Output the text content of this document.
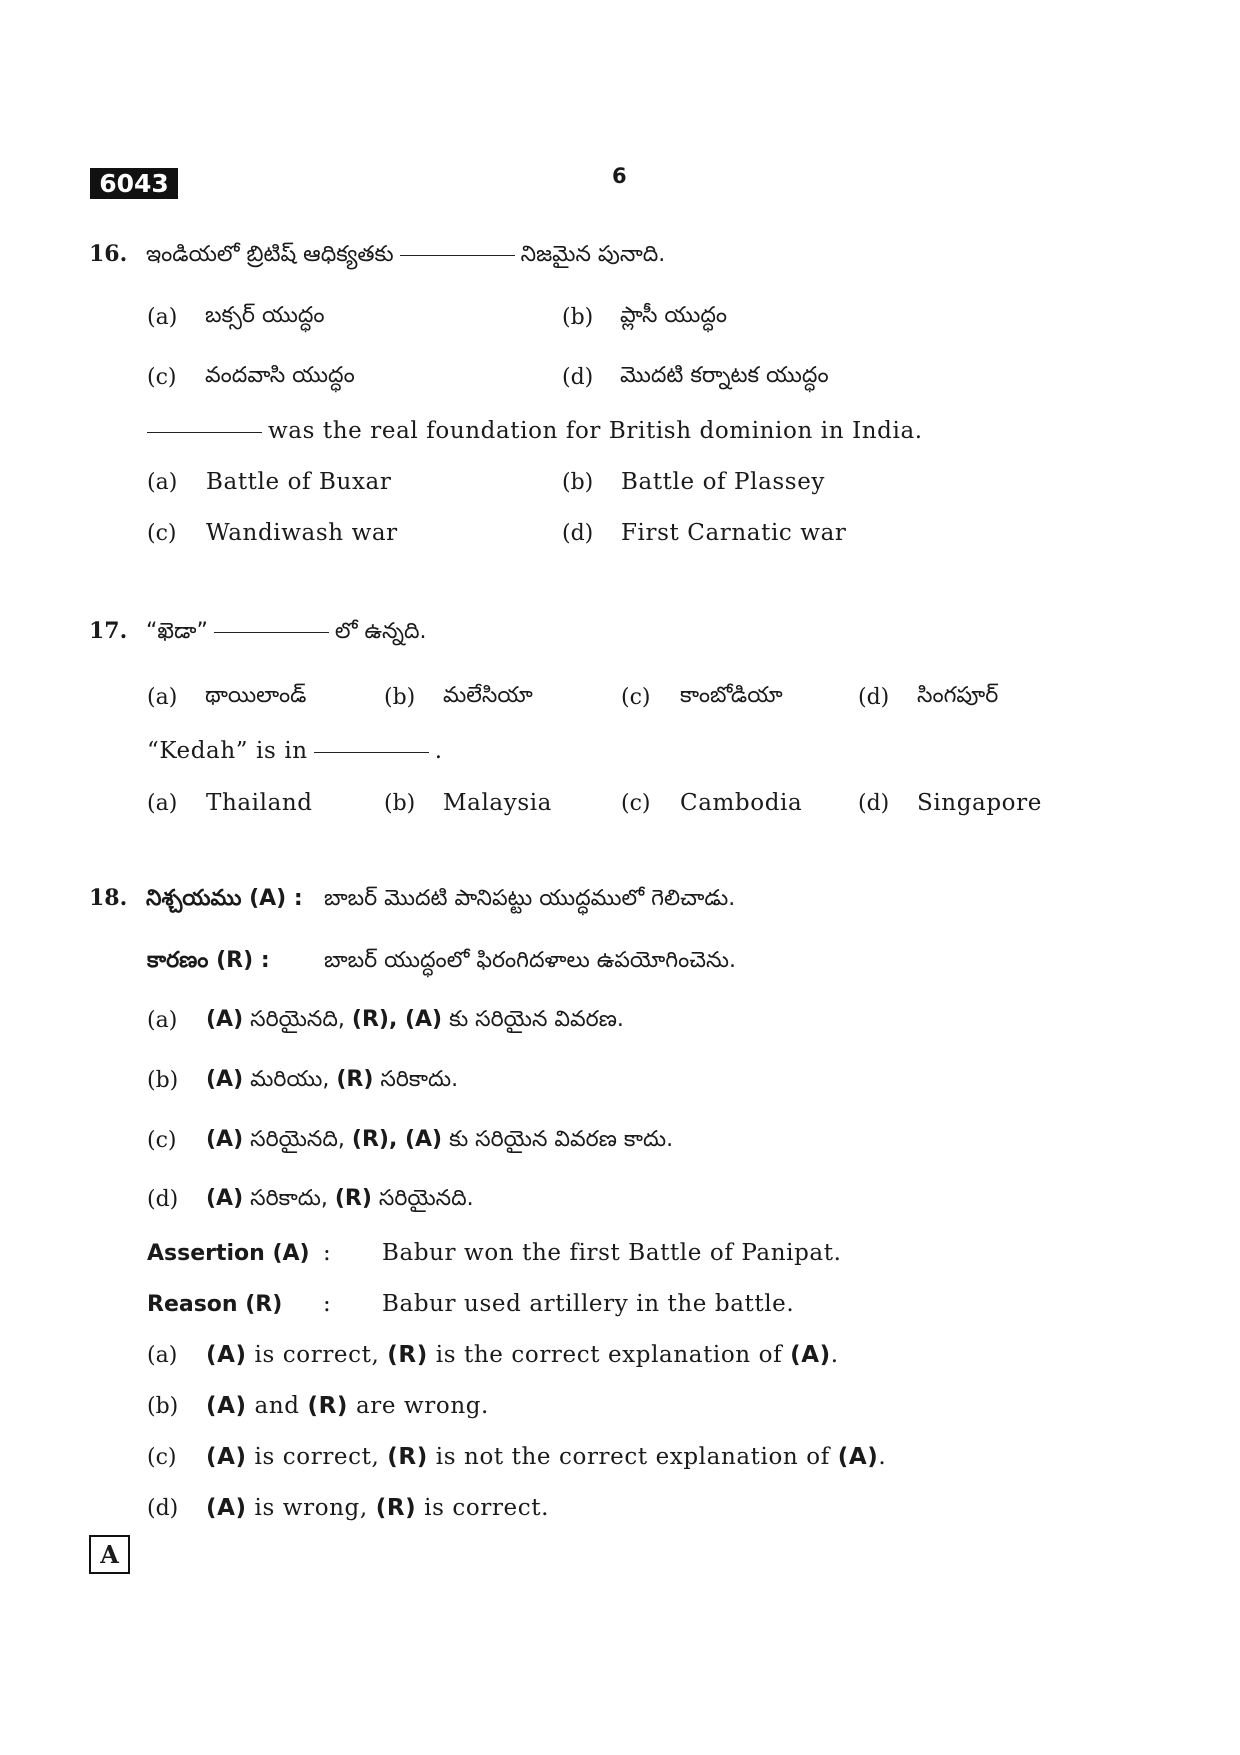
6043	6
16. ఇండియలో బ్రిటిష్ ఆధిక్యతకు	నిజమైన పునాది.
(a) బక్సర్ యుద్ధం	(b) ప్లాసీ యుద్ధం
(c) వందవాసి యుద్ధం	(d) మొదటి కర్నాటక యుద్ధం
was the real foundation for British dominion in India.
(a) Battle of Buxar	(b) Battle of Plassey
(c) Wandiwash war	(d) First Carnatic war
17. “ఖెడా”	లో ఉన్నది.
(a) థాయిలాండ్	(b) మలేసియా	(c) కాంబోడియా	(d) సింగపూర్
“Kedah” is in	.
(a) Thailand	(b) Malaysia	(c) Cambodia	(d) Singapore
18. నిశ్చయము (A) : బాబర్ మొదటి పానిపట్టు యుద్ధములో గెలిచాడు.
కారణం (R) : బాబర్ యుద్ధంలో ఫిరంగిదళాలు ఉపయోగించెను.
(a) (A) సరియైనది, (R), (A) కు సరియైన వివరణ.
(b) (A) మరియు, (R) సరికాదు.
(c) (A) సరియైనది, (R), (A) కు సరియైన వివరణ కాదు.
(d) (A) సరికాదు, (R) సరియైనది.
Assertion (A) : Babur won the first Battle of Panipat.
Reason (R) : Babur used artillery in the battle.
(a) (A) is correct, (R) is the correct explanation of (A).
(b) (A) and (R) are wrong.
(c) (A) is correct, (R) is not the correct explanation of (A).
(d) (A) is wrong, (R) is correct.
A
